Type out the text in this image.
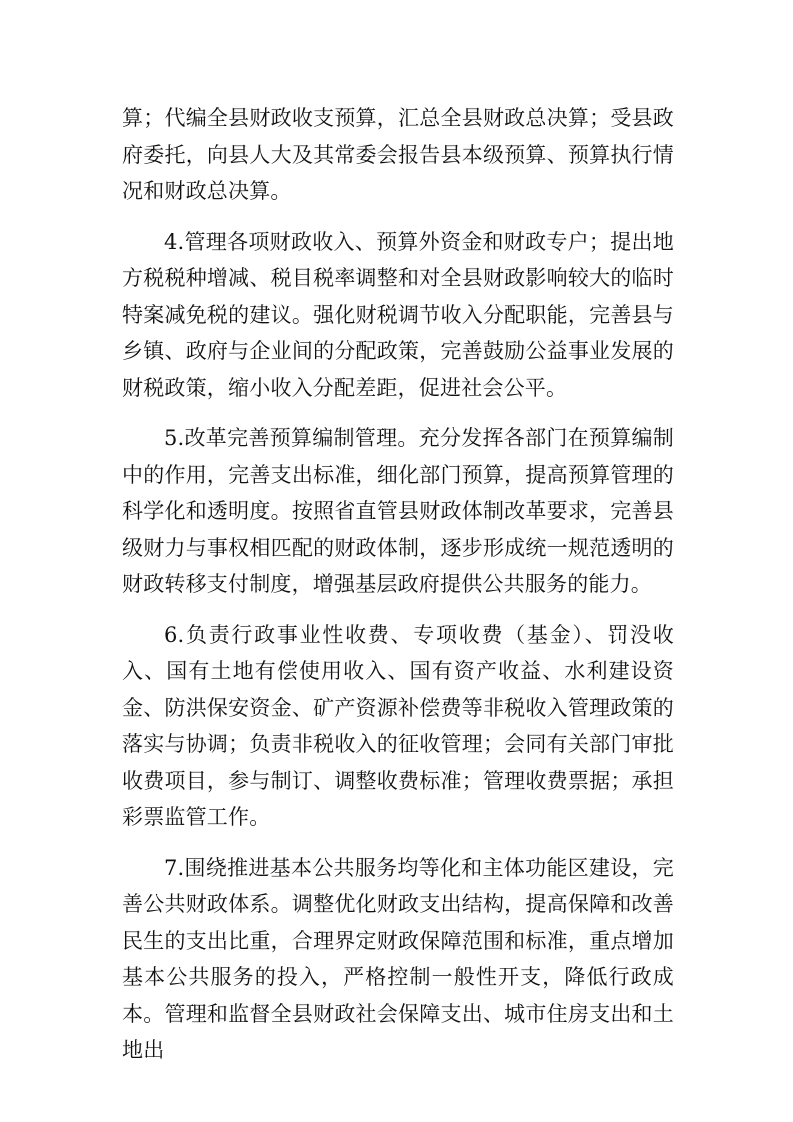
算；代编全县财政收支预算，汇总全县财政总决算；受县政府委托，向县人大及其常委会报告县本级预算、预算执行情况和财政总决算。

4.管理各项财政收入、预算外资金和财政专户；提出地方税税种增减、税目税率调整和对全县财政影响较大的临时特案减免税的建议。强化财税调节收入分配职能，完善县与乡镇、政府与企业间的分配政策，完善鼓励公益事业发展的财税政策，缩小收入分配差距，促进社会公平。

5.改革完善预算编制管理。充分发挥各部门在预算编制中的作用，完善支出标准，细化部门预算，提高预算管理的科学化和透明度。按照省直管县财政体制改革要求，完善县级财力与事权相匹配的财政体制，逐步形成统一规范透明的财政转移支付制度，增强基层政府提供公共服务的能力。

6.负责行政事业性收费、专项收费（基金）、罚没收入、国有土地有偿使用收入、国有资产收益、水利建设资金、防洪保安资金、矿产资源补偿费等非税收入管理政策的落实与协调；负责非税收入的征收管理；会同有关部门审批收费项目，参与制订、调整收费标准；管理收费票据；承担彩票监管工作。

7.围绕推进基本公共服务均等化和主体功能区建设，完善公共财政体系。调整优化财政支出结构，提高保障和改善民生的支出比重，合理界定财政保障范围和标准，重点增加基本公共服务的投入，严格控制一般性开支，降低行政成本。管理和监督全县财政社会保障支出、城市住房支出和土地出
